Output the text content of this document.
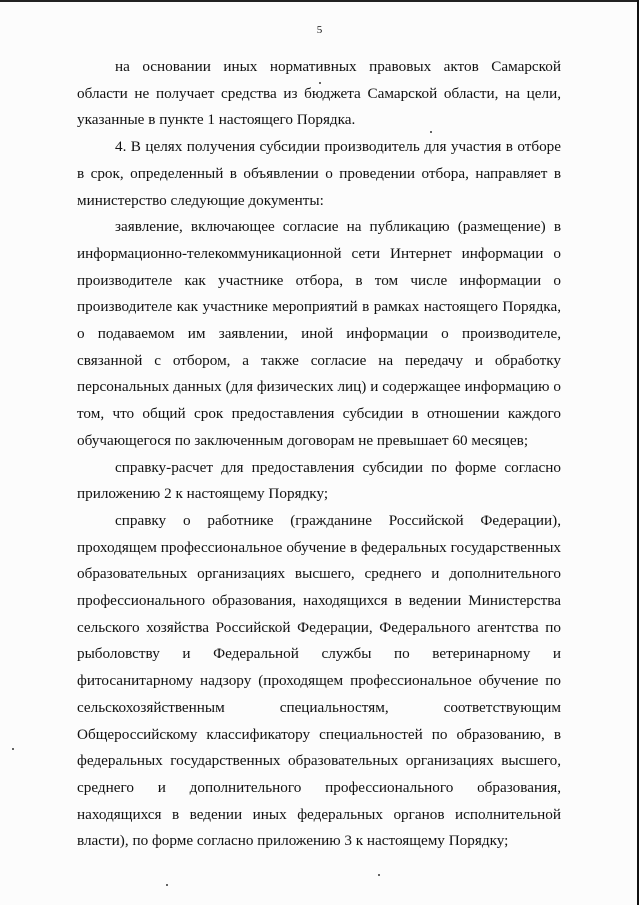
5

на основании иных нормативных правовых актов Самарской области не получает средства из бюджета Самарской области, на цели, указанные в пункте 1 настоящего Порядка.

4. В целях получения субсидии производитель для участия в отборе в срок, определенный в объявлении о проведении отбора, направляет в министерство следующие документы:

заявление, включающее согласие на публикацию (размещение) в информационно-телекоммуникационной сети Интернет информации о производителе как участнике отбора, в том числе информации о производителе как участнике мероприятий в рамках настоящего Порядка, о подаваемом им заявлении, иной информации о производителе, связанной с отбором, а также согласие на передачу и обработку персональных данных (для физических лиц) и содержащее информацию о том, что общий срок предоставления субсидии в отношении каждого обучающегося по заключенным договорам не превышает 60 месяцев;

справку-расчет для предоставления субсидии по форме согласно приложению 2 к настоящему Порядку;

справку о работнике (гражданине Российской Федерации), проходящем профессиональное обучение в федеральных государственных образовательных организациях высшего, среднего и дополнительного профессионального образования, находящихся в ведении Министерства сельского хозяйства Российской Федерации, Федерального агентства по рыболовству и Федеральной службы по ветеринарному и фитосанитарному надзору (проходящем профессиональное обучение по сельскохозяйственным специальностям, соответствующим Общероссийскому классификатору специальностей по образованию, в федеральных государственных образовательных организациях высшего, среднего и дополнительного профессионального образования, находящихся в ведении иных федеральных органов исполнительной власти), по форме согласно приложению 3 к настоящему Порядку;
